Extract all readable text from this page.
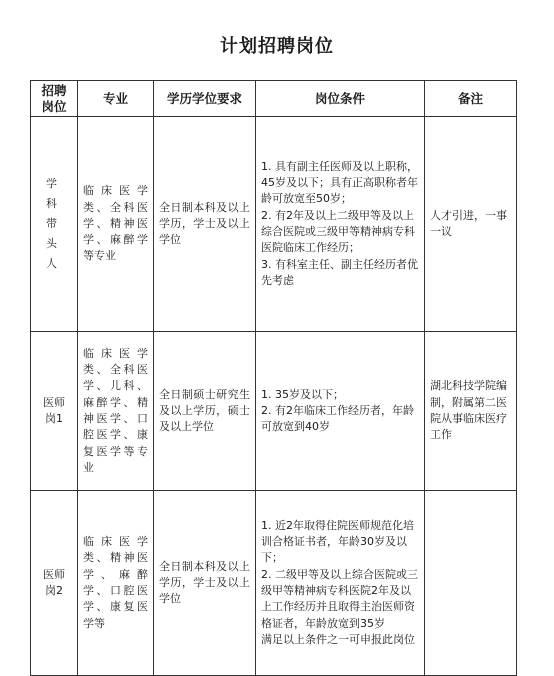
计划招聘岗位
招聘岗位	专业	学历学位要求	岗位条件	备注

学科带头人	临床医学类、全科医学、精神医学、麻醉学等专业	全日制本科及以上学历，学士及以上学位	1. 具有副主任医师及以上职称，45岁及以下；具有正高职称者年龄可放宽至50岁；
2. 有2年及以上二级甲等及以上综合医院或三级甲等精神病专科医院临床工作经历；
3. 有科室主任、副主任经历者优先考虑	人才引进，一事一议

医师岗1	临床医学类、全科医学、儿科、麻醉学、精神医学、口腔医学、康复医学等专业	全日制硕士研究生及以上学历，硕士及以上学位	1. 35岁及以下；
2. 有2年临床工作经历者，年龄可放宽到40岁	湖北科技学院编制，附属第二医院从事临床医疗工作

医师岗2	临床医学类、精神医学、麻醉学、口腔医学、康复医学等	全日制本科及以上学历，学士及以上学位	1. 近2年取得住院医师规范化培训合格证书者，年龄30岁及以下；
2. 二级甲等及以上综合医院或三级甲等精神病专科医院2年及以上工作经历并且取得主治医师资格证者，年龄放宽到35岁
满足以上条件之一可申报此岗位	
